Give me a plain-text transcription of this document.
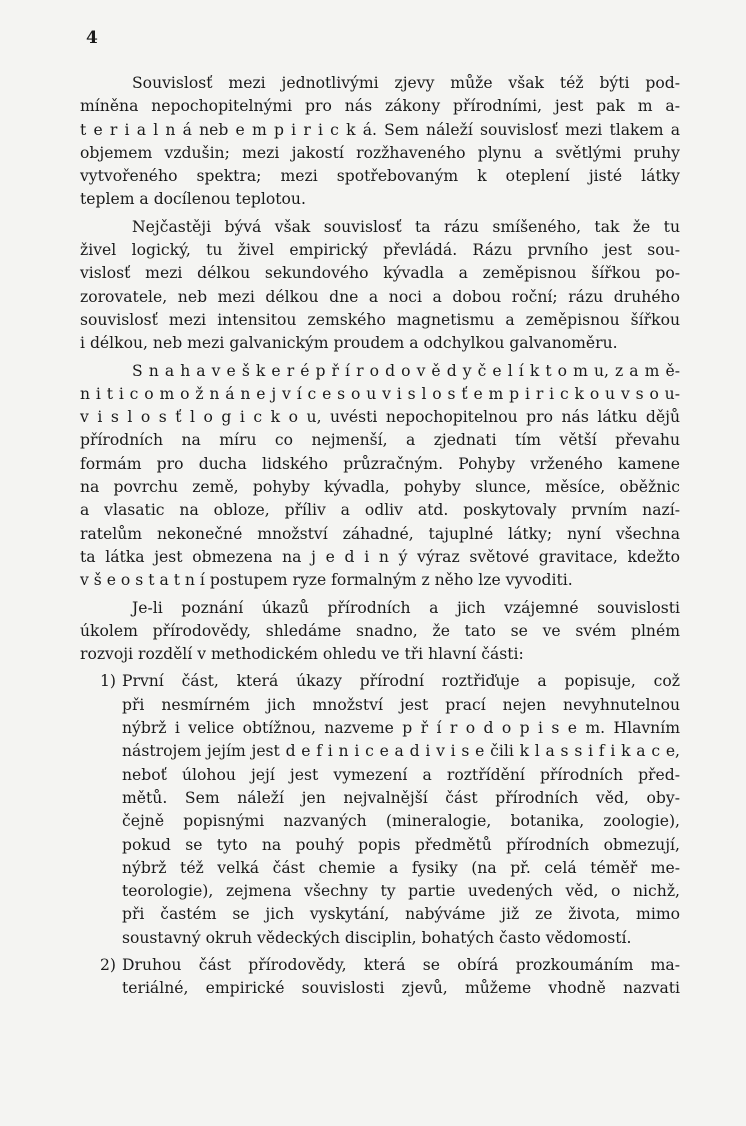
4
Souvislosť mezi jednotlivými zjevy může však též býti pod-
míněna nepochopitelnými pro nás zákony přírodními, jest pak m a-
t e r i a l n á neb e m p i r i c k á. Sem náleží souvislosť mezi tlakem a
objemem vzdušin; mezi jakostí rozžhaveného plynu a světlými pruhy
vytvořeného spektra; mezi spotřebovaným k oteplení jisté látky
teplem a docílenou teplotou.
Nejčastěji bývá však souvislosť ta rázu smíšeného, tak že tu
živel logický, tu živel empirický převládá. Rázu prvního jest sou-
vislosť mezi délkou sekundového kývadla a zeměpisnou šířkou po-
zorovatele, neb mezi délkou dne a noci a dobou roční; rázu druhého
souvislosť mezi intensitou zemského magnetismu a zeměpisnou šířkou
i délkou, neb mezi galvanickým proudem a odchylkou galvanoměru.
S n a h a v e š k e r é p ř í r o d o v ě d y č e l í k t o m u, z a m ě-
n i t i c o m o ž n á n e j v í c e s o u v i s l o s ť e m p i r i c k o u v s o u-
v i s l o s ť l o g i c k o u, uvésti nepochopitelnou pro nás látku dějů
přírodních na míru co nejmenší, a zjednati tím větší převahu
formám pro ducha lidského průzračným. Pohyby vrženého kamene
na povrchu země, pohyby kývadla, pohyby slunce, měsíce, oběžnic
a vlasatic na obloze, příliv a odliv atd. poskytovaly prvním nazí-
ratelům nekonečné množství záhadné, tajuplné látky; nyní všechna
ta látka jest obmezena na j e d i n ý výraz světové gravitace, kdežto
v š e o s t a t n í postupem ryze formalným z něho lze vyvoditi.
Je-li poznání úkazů přírodních a jich vzájemné souvislosti
úkolem přírodovědy, shledáme snadno, že tato se ve svém plném
rozvoji rozdělí v methodickém ohledu ve tři hlavní části:
1) První část, která úkazy přírodní roztřiďuje a popisuje, což
při nesmírném jich množství jest prací nejen nevyhnutelnou
nýbrž i velice obtížnou, nazveme p ř í r o d o p i s e m. Hlavním
nástrojem jejím jest d e f i n i c e a d i v i s e čili k l a s s i f i k a c e,
neboť úlohou její jest vymezení a roztřídění přírodních před-
mětů. Sem náleží jen nejvalnější část přírodních věd, oby-
čejně popisnými nazvaných (mineralogie, botanika, zoologie),
pokud se tyto na pouhý popis předmětů přírodních obmezují,
nýbrž též velká část chemie a fysiky (na př. celá téměř me-
teorologie), zejmena všechny ty partie uvedených věd, o nichž,
při častém se jich vyskytání, nabýváme již ze života, mimo
soustavný okruh vědeckých disciplin, bohatých často vědomostí.
2) Druhou část přírodovědy, která se obírá prozkoumáním ma-
teriálné, empirické souvislosti zjevů, můžeme vhodně nazvati
